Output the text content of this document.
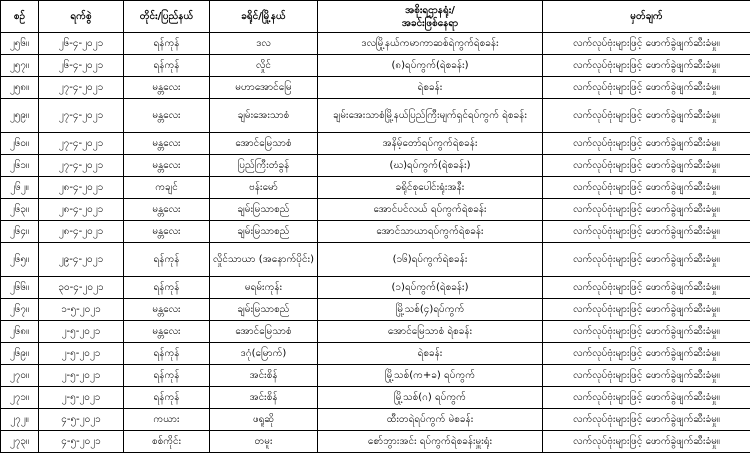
စဉ်	ရက်စွဲ	တိုင်း/ပြည်နယ်	ခရိုင်/မြို့နယ်	အစိုးရဌာနရုံး/
အခင်းဖြစ်နေရာ	မှတ်ချက်
၂၅၆။	၂၆-၄-၂၀၂၁	ရန်ကုန်	ဒလ	ဒလမြို့နယ်ကမာကာဆစ်ရဲကွက်ရဲစခန်း	လက်လုပ်ဗုံးများဖြင့် ဖောက်ခွဲဖျက်ဆီးခံမှု။
၂၅၇။	၂၆-၄-၂၀၂၁	ရန်ကုန်	လှိုင်	(၈)ရပ်ကွက်(ရဲစခန်း)	လက်လုပ်ဗုံးများဖြင့် ဖောက်ခွဲဖျက်ဆီးခံမှု။
၂၅၈။	၂၇-၄-၂၀၂၁	မန္တလေး	မဟာအောင်မြေ	ရဲစခန်း	လက်လုပ်ဗုံးများဖြင့် ဖောက်ခွဲဖျက်ဆီးခံမှု။
၂၅၉။	၂၇-၄-၂၀၂၁	မန္တလေး	ချမ်းအေးသာစံ	ချမ်းအေးသာစံမြို့နယ်ပြည်ကြီးမျက်ရှင်ရပ်ကွက် ရဲစခန်း	လက်လုပ်ဗုံးများဖြင့် ဖောက်ခွဲဖျက်ဆီးခံမှု။
၂၆၀။	၂၇-၄-၂၀၂၁	မန္တလေး	အောင်မြေသာစံ	အနိမ့်တော်ရပ်ကွက်ရဲစခန်း	လက်လုပ်ဗုံးများဖြင့် ဖောက်ခွဲဖျက်ဆီးခံမှု။
၂၆၁။	၂၇-၄-၂၀၂၁	မန္တလေး	ပြည်ကြီးတံခွန်	(ဃ)ရပ်ကွက်(ရဲစခန်း)	လက်လုပ်ဗုံးများဖြင့် ဖောက်ခွဲဖျက်ဆီးခံမှု။
၂၆၂။	၂၈-၄-၂၀၂၁	ကချင်	ဗန်းမော်	ခရိုင်စုပေါင်းရုံးအနီး	လက်လုပ်ဗုံးများဖြင့် ဖောက်ခွဲဖျက်ဆီးခံမှု။
၂၆၃။	၂၈-၄-၂၀၂၁	မန္တလေး	ချမ်းမြသာစည်	အောင်ပင်လယ် ရပ်ကွက်ရဲစခန်း	လက်လုပ်ဗုံးများဖြင့် ဖောက်ခွဲဖျက်ဆီးခံမှု။
၂၆၄။	၂၈-၄-၂၀၂၁	မန္တလေး	ချမ်းမြသာစည်	အောင်သာယာရပ်ကွက်ရဲစခန်း	လက်လုပ်ဗုံးများဖြင့် ဖောက်ခွဲဖျက်ဆီးခံမှု။
၂၆၅။	၂၉-၄-၂၀၂၁	ရန်ကုန်	လှိုင်သာယာ (အနောက်ပိုင်း)	(၁၆)ရပ်ကွက်ရဲစခန်း	လက်လုပ်ဗုံးများဖြင့် ဖောက်ခွဲဖျက်ဆီးခံမှု။
၂၆၆။	၃၀-၄-၂၀၂၁	ရန်ကုန်	မရမ်းကုန်း	(၁)ရပ်ကွက်(ရဲစခန်း)	လက်လုပ်ဗုံးများဖြင့် ဖောက်ခွဲဖျက်ဆီးခံမှု။
၂၆၇။	၁-၅-၂၀၂၁	မန္တလေး	ချမ်းမြသာစည်	မြို့သစ်(၄)ရပ်ကွက်	လက်လုပ်ဗုံးများဖြင့် ဖောက်ခွဲဖျက်ဆီးခံမှု။
၂၆၈။	၂-၅-၂၀၂၁	မန္တလေး	အောင်မြေသာစံ	အောင်မြေသာစံ ရဲစခန်း	လက်လုပ်ဗုံးများဖြင့် ဖောက်ခွဲဖျက်ဆီးခံမှု။
၂၆၉။	၂-၅-၂၀၂၁	ရန်ကုန်	ဒဂုံ(မြောက်)	ရဲစခန်း	လက်လုပ်ဗုံးများဖြင့် ဖောက်ခွဲဖျက်ဆီးခံမှု။
၂၇၀။	၂-၅-၂၀၂၁	ရန်ကုန်	အင်းစိန်	မြို့သစ်(က+ခ) ရပ်ကွက်	လက်လုပ်ဗုံးများဖြင့် ဖောက်ခွဲဖျက်ဆီးခံမှု။
၂၇၁။	၂-၅-၂၀၂၁	ရန်ကုန်	အင်းစိန်	မြို့သစ်(ဂ) ရပ်ကွက်	လက်လုပ်ဗုံးများဖြင့် ဖောက်ခွဲဖျက်ဆီးခံမှု။
၂၇၂။	၄-၅-၂၀၂၁	ကယား	ဖရူဆို	ထီးတရဲရပ်ကွက် မဲစခန်း	လက်လုပ်ဗုံးများဖြင့် ဖောက်ခွဲဖျက်ဆီးခံမှု။
၂၇၃။	၄-၅-၂၀၂၁	စစ်ကိုင်း	တမူး	စော်ဘွားအင်း ရပ်ကွက်ရဲစခန်းမှူးရုံး	လက်လုပ်ဗုံးများဖြင့် ဖောက်ခွဲဖျက်ဆီးခံမှု။
